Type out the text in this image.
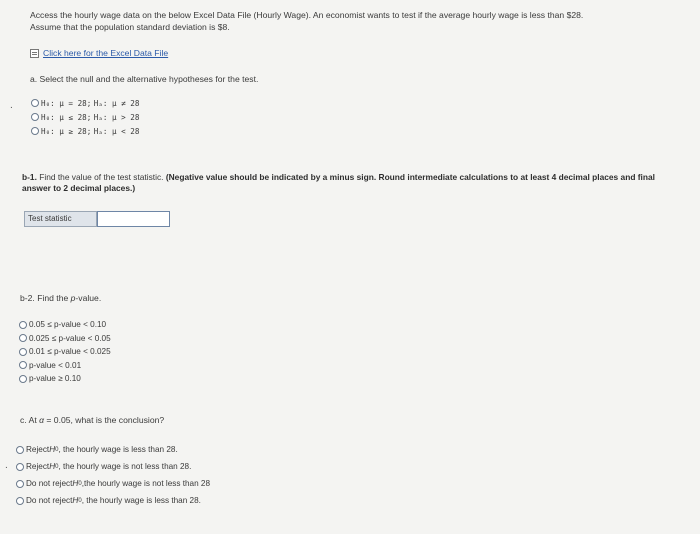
Access the hourly wage data on the below Excel Data File (Hourly Wage). An economist wants to test if the average hourly wage is less than $28.
Assume that the population standard deviation is $8.
Click here for the Excel Data File
a. Select the null and the alternative hypotheses for the test.
.	H₀: μ = 28;
Hₐ: μ ≠ 28
H₀: μ ≤ 28;
Hₐ: μ > 28
H₀: μ ≥ 28;
Hₐ: μ < 28
b-1. Find the value of the test statistic. (Negative value should be indicated by a minus sign. Round intermediate calculations to at least 4 decimal places and final answer to 2 decimal places.)
Test statistic
b-2. Find the p-value.
0.05 ≤ p-value < 0.10
0.025 ≤ p-value < 0.05
0.01 ≤ p-value < 0.025
p-value < 0.01
p-value ≥ 0.10
c. At α = 0.05, what is the conclusion?
.
Reject H 0 , the hourly wage is less than 28.
Reject H 0 , the hourly wage is not less than 28.
Do not reject H 0 ,the hourly wage is not less than 28
Do not reject H 0 , the hourly wage is less than 28.
